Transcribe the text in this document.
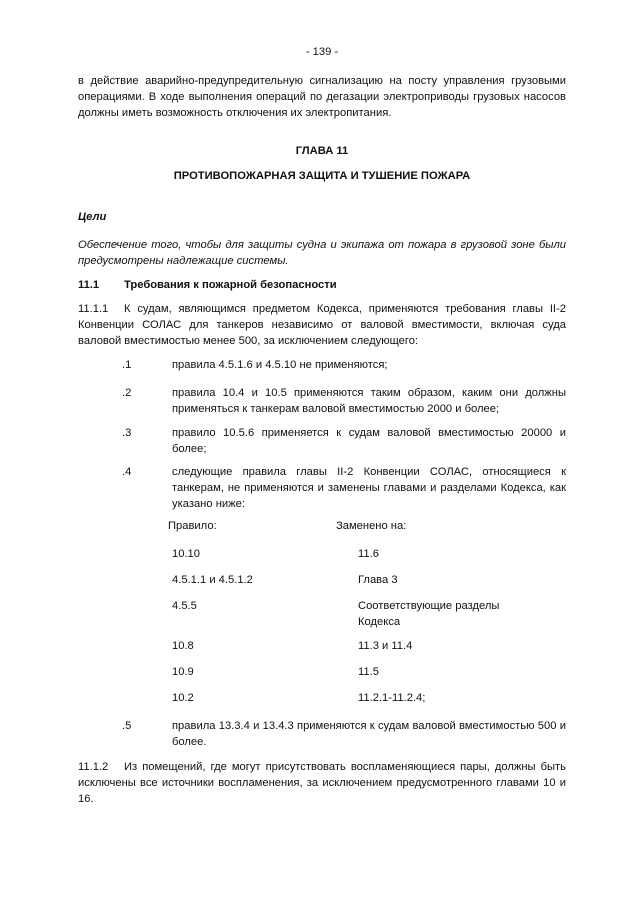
- 139 -

в действие аварийно-предупредительную сигнализацию на посту управления грузовыми операциями. В ходе выполнения операций по дегазации электроприводы грузовых насосов должны иметь возможность отключения их электропитания.

ГЛАВА 11
ПРОТИВОПОЖАРНАЯ ЗАЩИТА И ТУШЕНИЕ ПОЖАРА
Цели

Обеспечение того, чтобы для защиты судна и экипажа от пожара в грузовой зоне были предусмотрены надлежащие системы.

11.1 Требования к пожарной безопасности

11.1.1 К судам, являющимся предметом Кодекса, применяются требования главы II-2 Конвенции СОЛАС для танкеров независимо от валовой вместимости, включая суда валовой вместимостью менее 500, за исключением следующего:

.1	правила 4.5.1.6 и 4.5.10 не применяются;
.2	правила 10.4 и 10.5 применяются таким образом, каким они должны применяться к танкерам валовой вместимостью 2000 и более;
.3	правило 10.5.6 применяется к судам валовой вместимостью 20000 и более;
.4	следующие правила главы II-2 Конвенции СОЛАС, относящиеся к танкерам, не применяются и заменены главами и разделами Кодекса, как указано ниже:
Правило:	Заменено на:
10.10	11.6
4.5.1.1 и 4.5.1.2	Глава 3
4.5.5	Соответствующие разделы Кодекса
10.8	11.3 и 11.4
10.9	11.5
10.2	11.2.1-11.2.4;
.5	правила 13.3.4 и 13.4.3 применяются к судам валовой вместимостью 500 и более.

11.1.2 Из помещений, где могут присутствовать воспламеняющиеся пары, должны быть исключены все источники воспламенения, за исключением предусмотренного главами 10 и 16.
